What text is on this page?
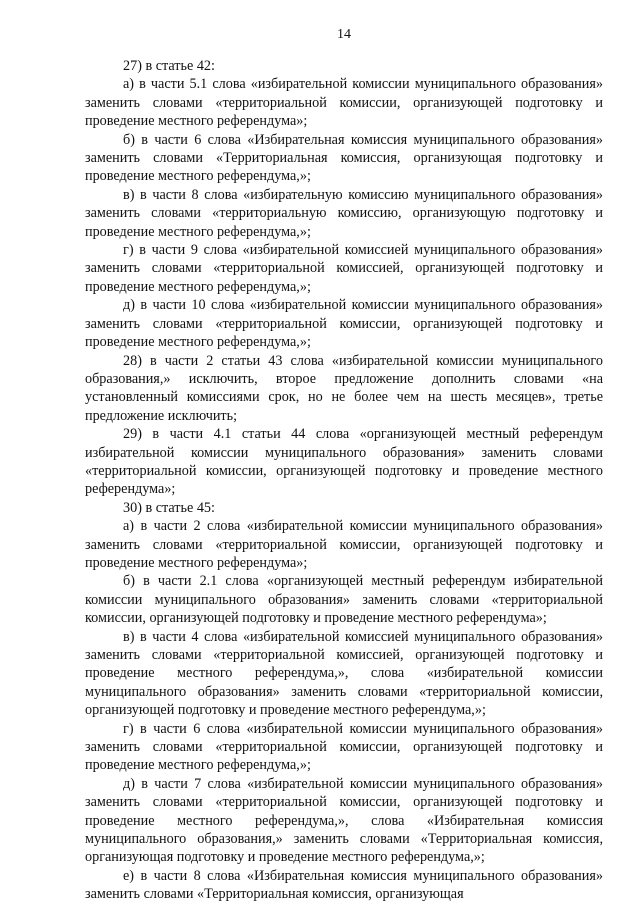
14

27) в статье 42:

а) в части 5.1 слова «избирательной комиссии муниципального образования» заменить словами «территориальной комиссии, организующей подготовку и проведение местного референдума»;

б) в части 6 слова «Избирательная комиссия муниципального образования» заменить словами «Территориальная комиссия, организующая подготовку и проведение местного референдума,»;

в) в части 8 слова «избирательную комиссию муниципального образования» заменить словами «территориальную комиссию, организующую подготовку и проведение местного референдума,»;

г) в части 9 слова «избирательной комиссией муниципального образования» заменить словами «территориальной комиссией, организующей подготовку и проведение местного референдума,»;

д) в части 10 слова «избирательной комиссии муниципального образования» заменить словами «территориальной комиссии, организующей подготовку и проведение местного референдума,»;

28) в части 2 статьи 43 слова «избирательной комиссии муниципального образования,» исключить, второе предложение дополнить словами «на установленный комиссиями срок, но не более чем на шесть месяцев», третье предложение исключить;

29) в части 4.1 статьи 44 слова «организующей местный референдум избирательной комиссии муниципального образования» заменить словами «территориальной комиссии, организующей подготовку и проведение местного референдума»;

30) в статье 45:

а) в части 2 слова «избирательной комиссии муниципального образования» заменить словами «территориальной комиссии, организующей подготовку и проведение местного референдума»;

б) в части 2.1 слова «организующей местный референдум избирательной комиссии муниципального образования» заменить словами «территориальной комиссии, организующей подготовку и проведение местного референдума»;

в) в части 4 слова «избирательной комиссией муниципального образования» заменить словами «территориальной комиссией, организующей подготовку и проведение местного референдума,», слова «избирательной комиссии муниципального образования» заменить словами «территориальной комиссии, организующей подготовку и проведение местного референдума,»;

г) в части 6 слова «избирательной комиссии муниципального образования» заменить словами «территориальной комиссии, организующей подготовку и проведение местного референдума,»;

д) в части 7 слова «избирательной комиссии муниципального образования» заменить словами «территориальной комиссии, организующей подготовку и проведение местного референдума,», слова «Избирательная комиссия муниципального образования,» заменить словами «Территориальная комиссия, организующая подготовку и проведение местного референдума,»;

е) в части 8 слова «Избирательная комиссия муниципального образования» заменить словами «Территориальная комиссия, организующая
